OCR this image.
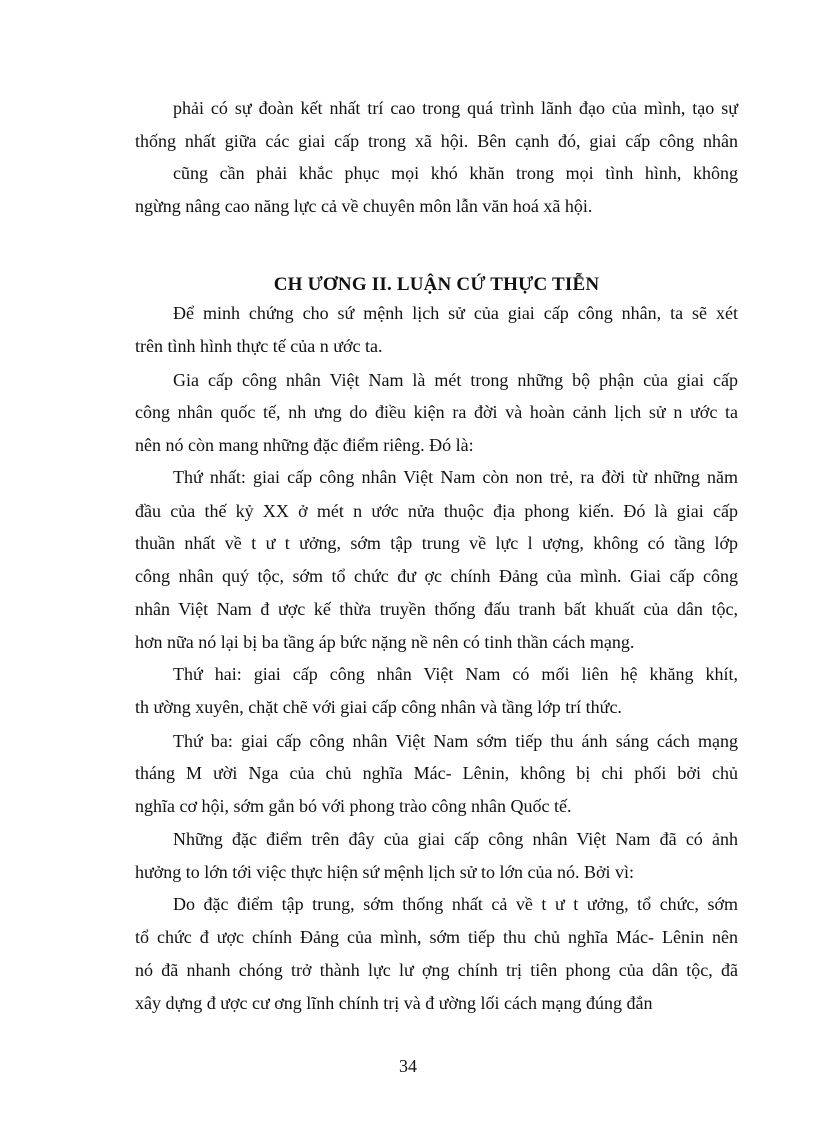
phải có sự đoàn kết nhất trí cao trong quá trình lãnh đạo của mình, tạo sự
thống nhất giữa các giai cấp trong xã hội. Bên cạnh đó, giai cấp công nhân
cũng cần phải khắc phục mọi khó khăn trong mọi tình hình, không
ngừng nâng cao năng lực cả về chuyên môn lẫn văn hoá xã hội.
CH ƯƠNG II. LUẬN CỨ THỰC TIỄN
Để minh chứng cho sứ mệnh lịch sử của giai cấp công nhân, ta sẽ xét
trên tình hình thực tế của n ước ta.
Gia cấp công nhân Việt Nam là mét trong những bộ phận của giai cấp
công nhân quốc tế, nh ưng do điều kiện ra đời và hoàn cảnh lịch sử n ước ta
nên nó còn mang những đặc điểm riêng. Đó là:
Thứ nhất: giai cấp công nhân Việt Nam còn non trẻ, ra đời từ những năm
đầu của thế kỷ XX ở mét n ước nửa thuộc địa phong kiến. Đó là giai cấp
thuần nhất về t ư t ưởng, sớm tập trung về lực l ượng, không có tầng lớp
công nhân quý tộc, sớm tổ chức đư ợc chính Đảng của mình. Giai cấp công
nhân Việt Nam đ ược kế thừa truyền thống đấu tranh bất khuất của dân tộc,
hơn nữa nó lại bị ba tầng áp bức nặng nề nên có tinh thần cách mạng.
Thứ hai: giai cấp công nhân Việt Nam có mối liên hệ khăng khít,
th ường xuyên, chặt chẽ với giai cấp công nhân và tầng lớp trí thức.
Thứ ba: giai cấp công nhân Việt Nam sớm tiếp thu ánh sáng cách mạng
tháng M ười Nga của chủ nghĩa Mác- Lênin, không bị chi phối bởi chủ
nghĩa cơ hội, sớm gắn bó với phong trào công nhân Quốc tế.
Những đặc điểm trên đây của giai cấp công nhân Việt Nam đã có ảnh
hưởng to lớn tới việc thực hiện sứ mệnh lịch sử to lớn của nó. Bởi vì:
Do đặc điểm tập trung, sớm thống nhất cả về t ư t ưởng, tổ chức, sớm
tổ chức đ ược chính Đảng của mình, sớm tiếp thu chủ nghĩa Mác- Lênin nên
nó đã nhanh chóng trở thành lực lư ợng chính trị tiên phong của dân tộc, đã
xây dựng đ ược cư ơng lĩnh chính trị và đ ường lối cách mạng đúng đắn
34
